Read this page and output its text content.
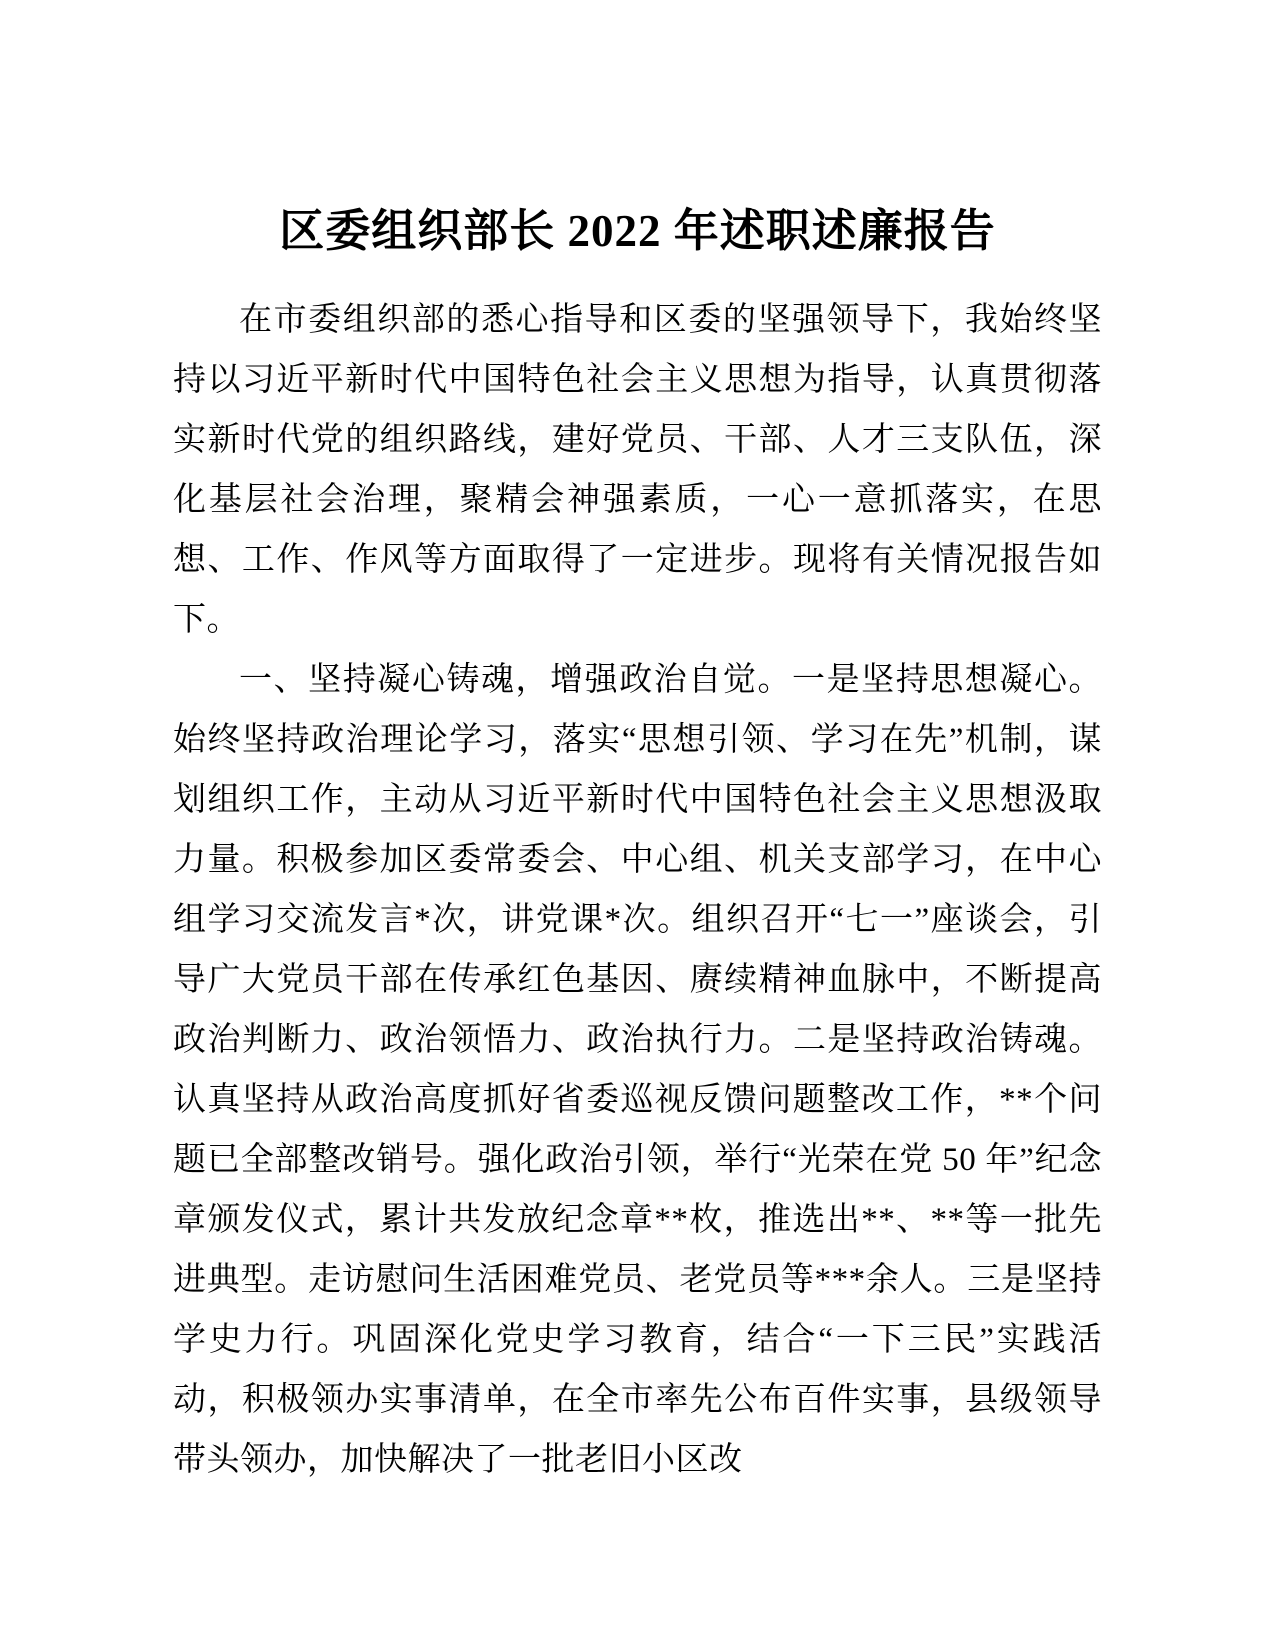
区委组织部长 2022 年述职述廉报告

在市委组织部的悉心指导和区委的坚强领导下，我始终坚持以习近平新时代中国特色社会主义思想为指导，认真贯彻落实新时代党的组织路线，建好党员、干部、人才三支队伍，深化基层社会治理，聚精会神强素质，一心一意抓落实，在思想、工作、作风等方面取得了一定进步。现将有关情况报告如下。

一、坚持凝心铸魂，增强政治自觉。一是坚持思想凝心。始终坚持政治理论学习，落实“思想引领、学习在先”机制，谋划组织工作，主动从习近平新时代中国特色社会主义思想汲取力量。积极参加区委常委会、中心组、机关支部学习，在中心组学习交流发言*次，讲党课*次。组织召开“七一”座谈会，引导广大党员干部在传承红色基因、赓续精神血脉中，不断提高政治判断力、政治领悟力、政治执行力。二是坚持政治铸魂。认真坚持从政治高度抓好省委巡视反馈问题整改工作，**个问题已全部整改销号。强化政治引领，举行“光荣在党 50 年”纪念章颁发仪式，累计共发放纪念章**枚，推选出**、**等一批先进典型。走访慰问生活困难党员、老党员等***余人。三是坚持学史力行。巩固深化党史学习教育，结合“一下三民”实践活动，积极领办实事清单，在全市率先公布百件实事，县级领导带头领办，加快解决了一批老旧小区改
